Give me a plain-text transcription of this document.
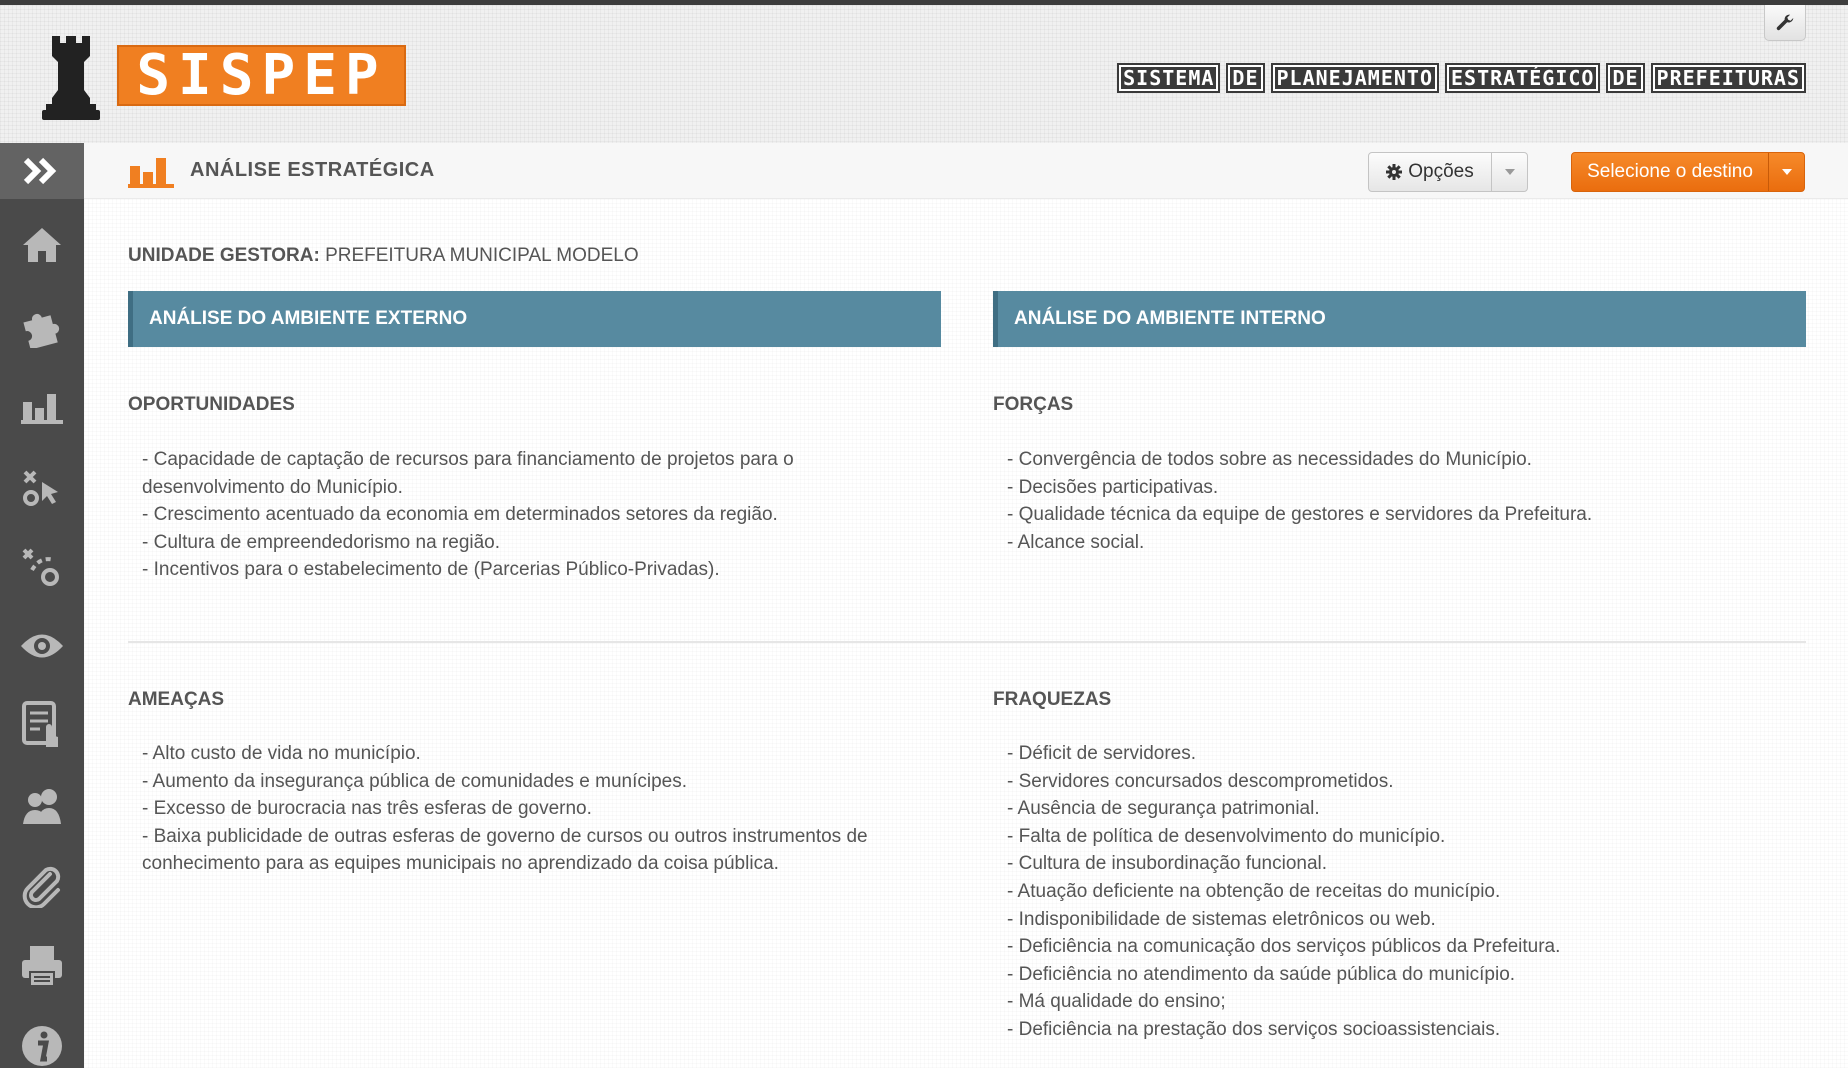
SISPEP	SISTEMA DE PLANEJAMENTO ESTRATÉGICO DE PREFEITURAS
ANÁLISE ESTRATÉGICA	Opções	Selecione o destino
UNIDADE GESTORA: PREFEITURA MUNICIPAL MODELO
ANÁLISE DO AMBIENTE EXTERNO	ANÁLISE DO AMBIENTE INTERNO
OPORTUNIDADES
- Capacidade de captação de recursos para financiamento de projetos para o
desenvolvimento do Município.
- Crescimento acentuado da economia em determinados setores da região.
- Cultura de empreendedorismo na região.
- Incentivos para o estabelecimento de (Parcerias Público-Privadas).
FORÇAS
- Convergência de todos sobre as necessidades do Município.
- Decisões participativas.
- Qualidade técnica da equipe de gestores e servidores da Prefeitura.
- Alcance social.
AMEAÇAS
- Alto custo de vida no município.
- Aumento da insegurança pública de comunidades e munícipes.
- Excesso de burocracia nas três esferas de governo.
- Baixa publicidade de outras esferas de governo de cursos ou outros instrumentos de
conhecimento para as equipes municipais no aprendizado da coisa pública.
FRAQUEZAS
- Déficit de servidores.
- Servidores concursados descomprometidos.
- Ausência de segurança patrimonial.
- Falta de política de desenvolvimento do município.
- Cultura de insubordinação funcional.
- Atuação deficiente na obtenção de receitas do município.
- Indisponibilidade de sistemas eletrônicos ou web.
- Deficiência na comunicação dos serviços públicos da Prefeitura.
- Deficiência no atendimento da saúde pública do município.
- Má qualidade do ensino;
- Deficiência na prestação dos serviços socioassistenciais.
